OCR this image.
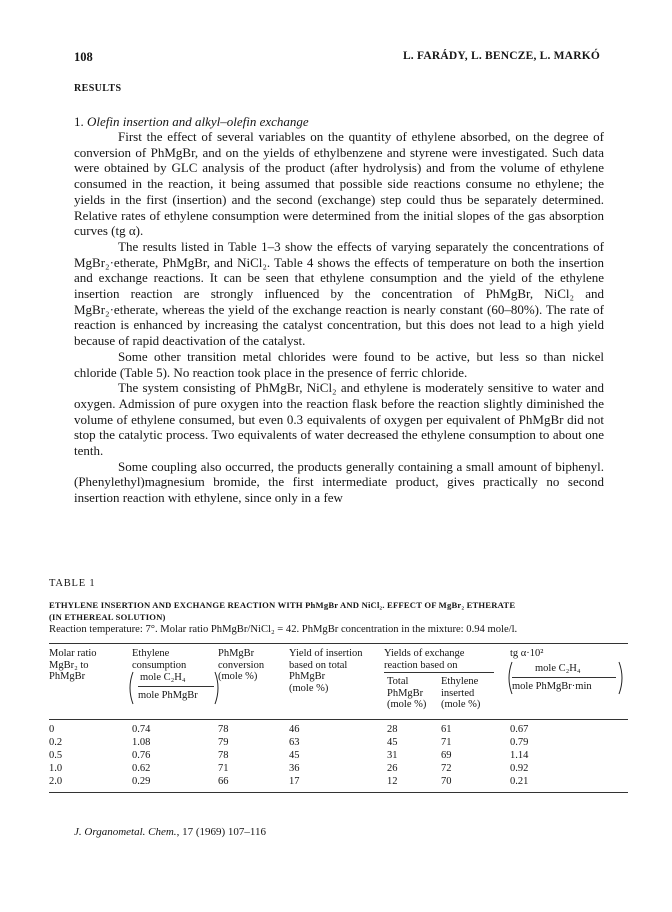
108	L. FARÁDY, L. BENCZE, L. MARKÓ
RESULTS
1. Olefin insertion and alkyl–olefin exchange

First the effect of several variables on the quantity of ethylene absorbed, on the degree of conversion of PhMgBr, and on the yields of ethylbenzene and styrene were investigated. Such data were obtained by GLC analysis of the product (after hydrolysis) and from the volume of ethylene consumed in the reaction, it being assumed that possible side reactions consume no ethylene; the yields in the first (insertion) and the second (exchange) step could thus be separately determined. Relative rates of ethylene consumption were determined from the initial slopes of the gas absorption curves (tg α).

The results listed in Table 1–3 show the effects of varying separately the concentrations of MgBr₂·etherate, PhMgBr, and NiCl₂. Table 4 shows the effects of temperature on both the insertion and exchange reactions. It can be seen that ethylene consumption and the yield of the ethylene insertion reaction are strongly influenced by the concentration of PhMgBr, NiCl₂ and MgBr₂·etherate, whereas the yield of the exchange reaction is nearly constant (60–80%). The rate of reaction is enhanced by increasing the catalyst concentration, but this does not lead to a high yield because of rapid deactivation of the catalyst.

Some other transition metal chlorides were found to be active, but less so than nickel chloride (Table 5). No reaction took place in the presence of ferric chloride.

The system consisting of PhMgBr, NiCl₂ and ethylene is moderately sensitive to water and oxygen. Admission of pure oxygen into the reaction flask before the reaction slightly diminished the volume of ethylene consumed, but even 0.3 equivalents of oxygen per equivalent of PhMgBr did not stop the catalytic process. Two equivalents of water decreased the ethylene consumption to about one tenth.

Some coupling also occurred, the products generally containing a small amount of biphenyl. (Phenylethyl)magnesium bromide, the first intermediate product, gives practically no second insertion reaction with ethylene, since only in a few

TABLE 1
ETHYLENE INSERTION AND EXCHANGE REACTION WITH PhMgBr AND NiCl₂. EFFECT OF MgBr₂ ETHERATE
(IN ETHEREAL SOLUTION)
Reaction temperature: 7°. Molar ratio PhMgBr/NiCl₂ = 42. PhMgBr concentration in the mixture: 0.94 mole/l.
Molar ratio
MgBr₂ to
PhMgBr
Ethylene
consumption
mole C₂H₄
mole PhMgBr
PhMgBr
conversion
(mole %)
Yield of insertion
based on total
PhMgBr
(mole %)
Yields of exchange
reaction based on
Total
PhMgBr
(mole %)
Ethylene
inserted
(mole %)
tg α·10²
mole C₂H₄
mole PhMgBr·min
0	0.74	78	46	28	61	0.67
0.2	1.08	79	63	45	71	0.79
0.5	0.76	78	45	31	69	1.14
1.0	0.62	71	36	26	72	0.92
2.0	0.29	66	17	12	70	0.21
J. Organometal. Chem., 17 (1969) 107–116
